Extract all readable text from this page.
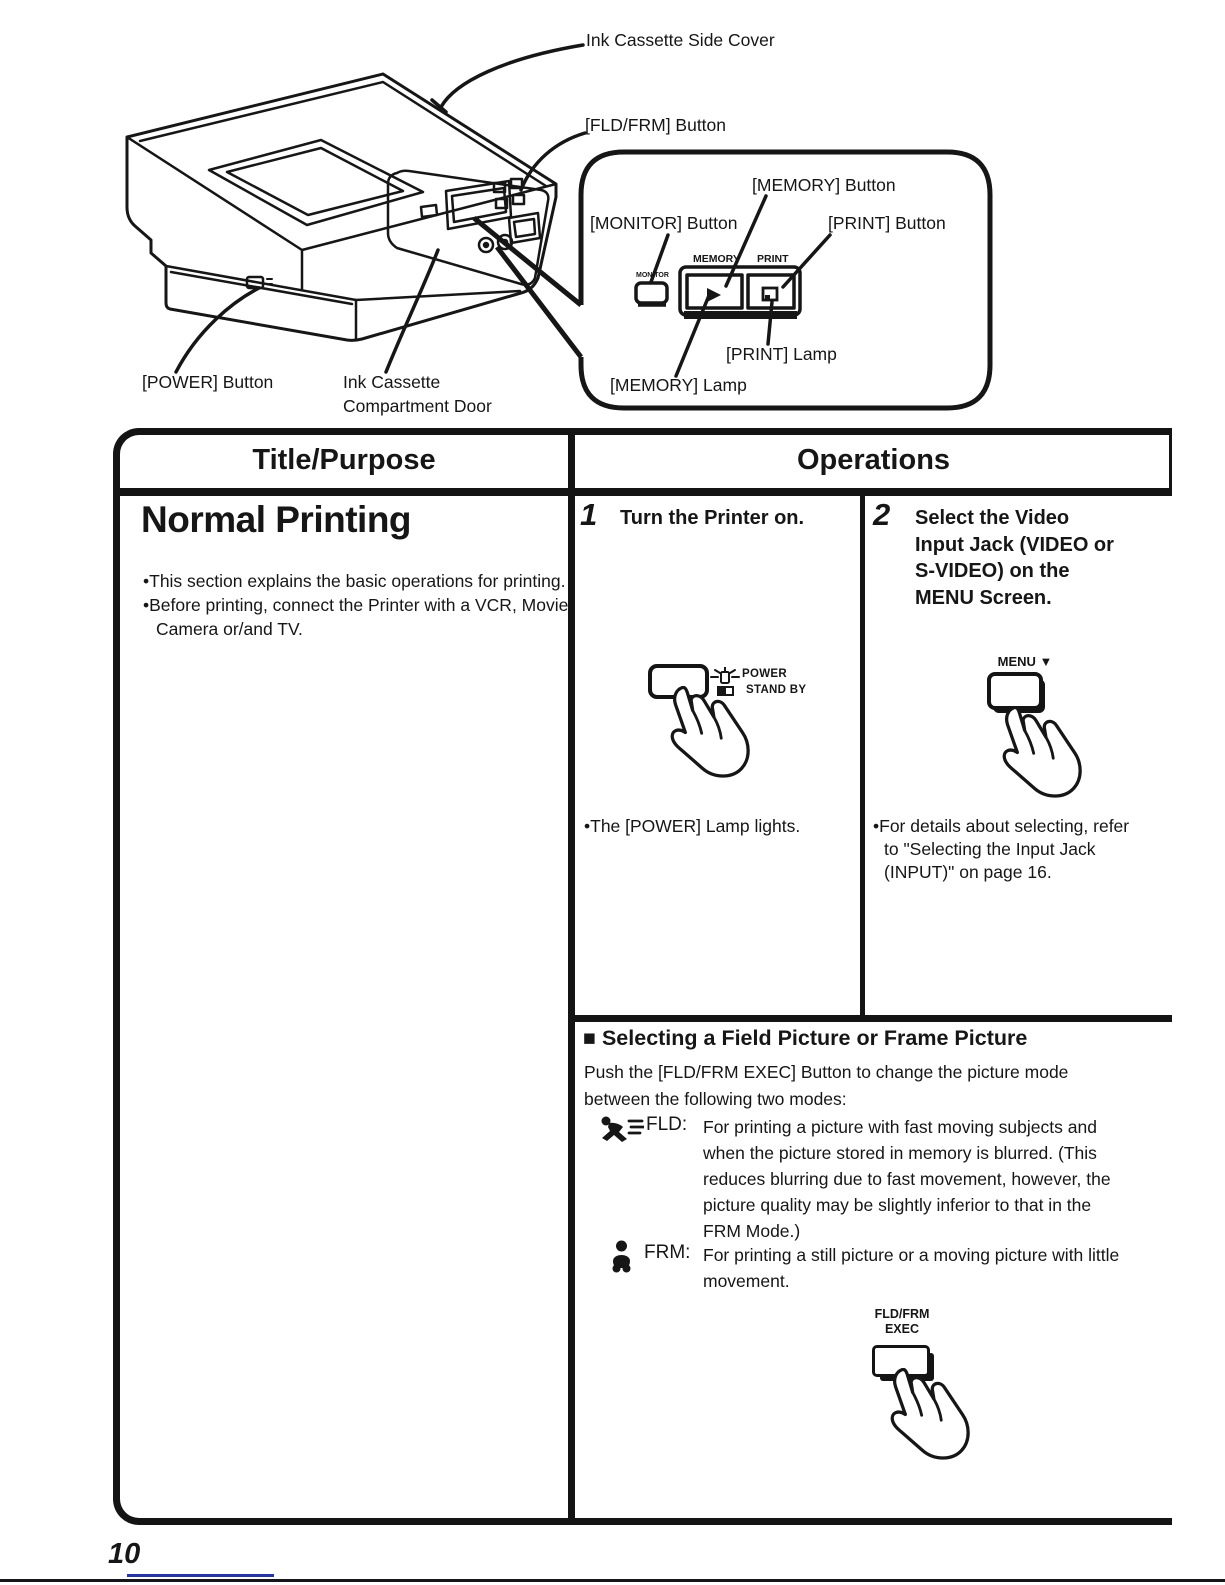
MEMORY PRINT
MONITOR
Ink Cassette Side Cover
[FLD/FRM] Button
[MEMORY] Button
[MONITOR] Button	[PRINT] Button
[PRINT] Lamp
[MEMORY] Lamp
[POWER] Button	Ink Cassette
Compartment Door
Title/Purpose	Operations
Normal Printing
•This section explains the basic operations for printing.
•Before printing, connect the Printer with a VCR, Movie Camera or/and TV.
1 Turn the Printer on.
POWER
STAND BY
•The [POWER] Lamp lights.
2 Select the Video Input Jack (VIDEO or S-VIDEO) on the MENU Screen.
MENU ▼
•For details about selecting, refer to "Selecting the Input Jack (INPUT)" on page 16.
■ Selecting a Field Picture or Frame Picture
Push the [FLD/FRM EXEC] Button to change the picture mode between the following two modes:
FLD: For printing a picture with fast moving subjects and when the picture stored in memory is blurred. (This reduces blurring due to fast movement, however, the picture quality may be slightly inferior to that in the FRM Mode.)
FRM: For printing a still picture or a moving picture with little movement.
FLD/FRM
EXEC
10
